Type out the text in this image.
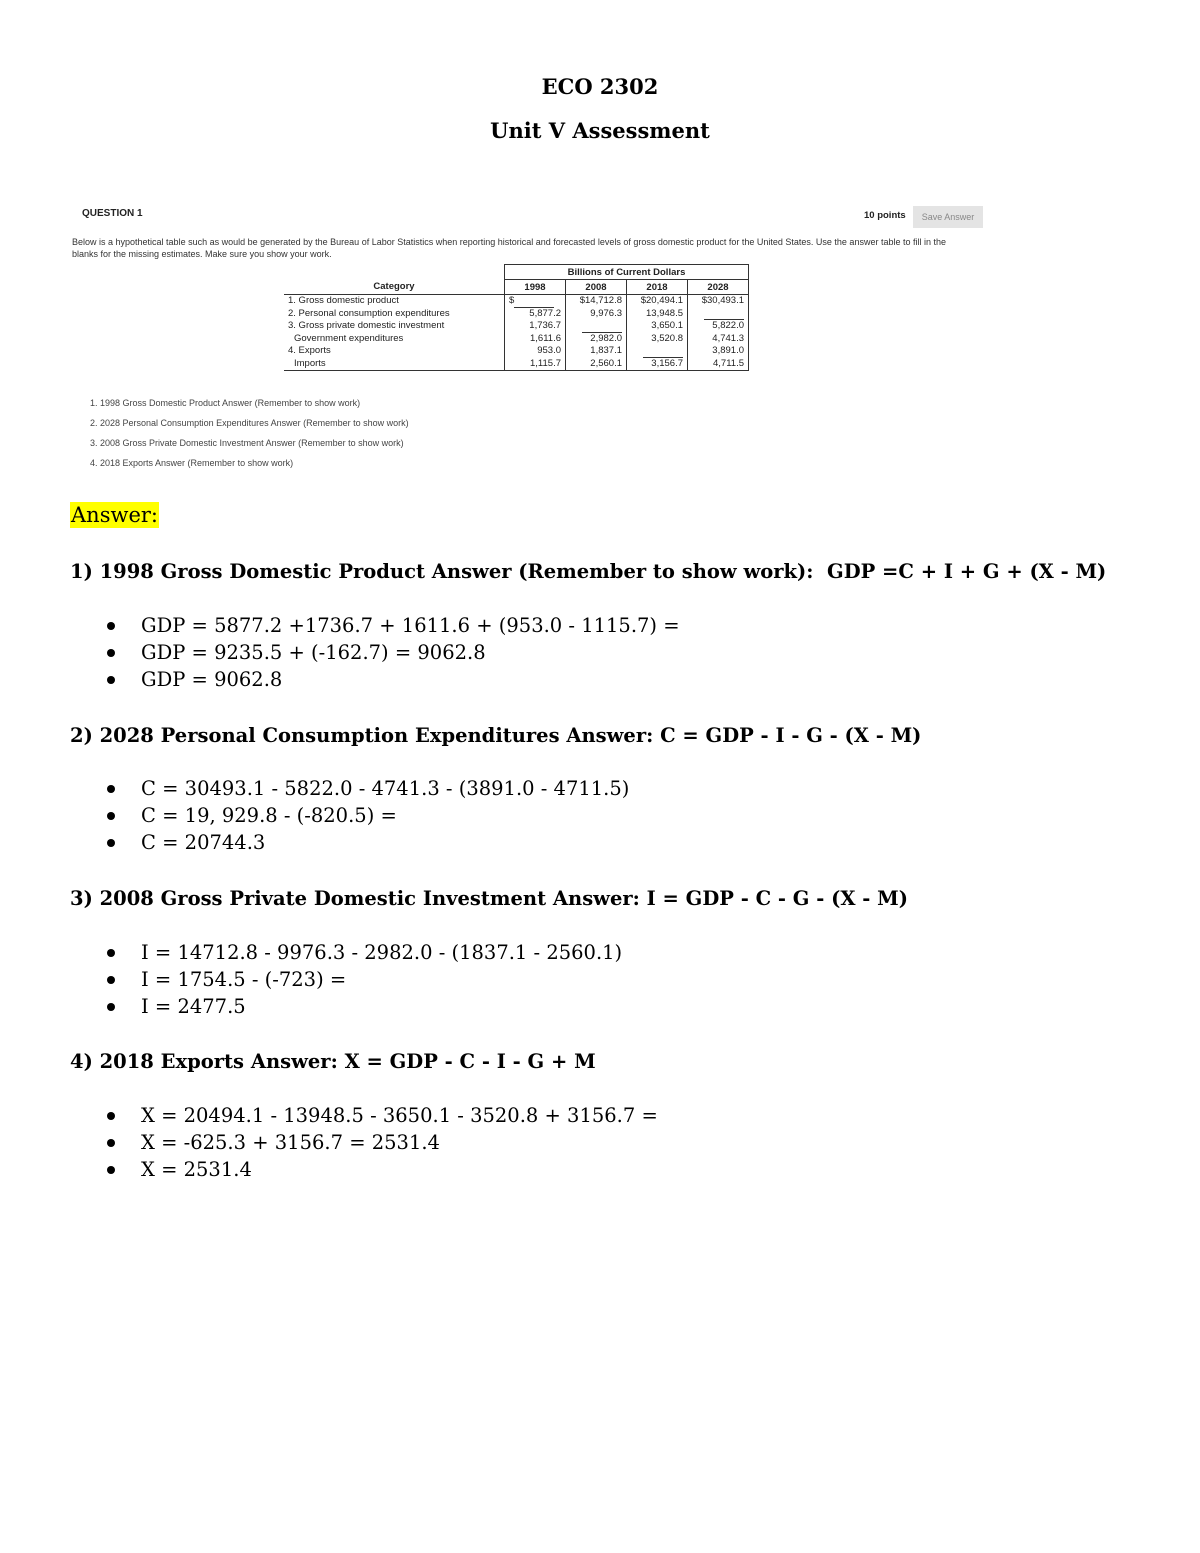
ECO 2302
Unit V Assessment
QUESTION 1	10 points	Save Answer
Below is a hypothetical table such as would be generated by the Bureau of Labor Statistics when reporting historical and forecasted levels of gross domestic product for the United States. Use the answer table to fill in the blanks for the missing estimates. Make sure you show your work.
	Billions of Current Dollars			
Category	1998	2008	2018	2028
1. Gross domestic product	$	$14,712.8	$20,494.1	$30,493.1
2. Personal consumption expenditures	5,877.2	9,976.3	13,948.5	
3. Gross private domestic investment	1,736.7		3,650.1	5,822.0
Government expenditures	1,611.6	2,982.0	3,520.8	4,741.3
4. Exports	953.0	1,837.1		3,891.0
Imports	1,115.7	2,560.1	3,156.7	4,711.5
1. 1998 Gross Domestic Product Answer (Remember to show work)
2. 2028 Personal Consumption Expenditures Answer (Remember to show work)
3. 2008 Gross Private Domestic Investment Answer (Remember to show work)
4. 2018 Exports Answer (Remember to show work)
Answer:
1) 1998 Gross Domestic Product Answer (Remember to show work): GDP =C + I + G + (X - M)
GDP = 5877.2 +1736.7 + 1611.6 + (953.0 - 1115.7) =
GDP = 9235.5 + (-162.7) = 9062.8
GDP = 9062.8
2) 2028 Personal Consumption Expenditures Answer: C = GDP - I - G - (X - M)
C = 30493.1 - 5822.0 - 4741.3 - (3891.0 - 4711.5)
C = 19, 929.8 - (-820.5) =
C = 20744.3
3) 2008 Gross Private Domestic Investment Answer: I = GDP - C - G - (X - M)
I = 14712.8 - 9976.3 - 2982.0 - (1837.1 - 2560.1)
I = 1754.5 - (-723) =
I = 2477.5
4) 2018 Exports Answer: X = GDP - C - I - G + M
X = 20494.1 - 13948.5 - 3650.1 - 3520.8 + 3156.7 =
X = -625.3 + 3156.7 = 2531.4
X = 2531.4
